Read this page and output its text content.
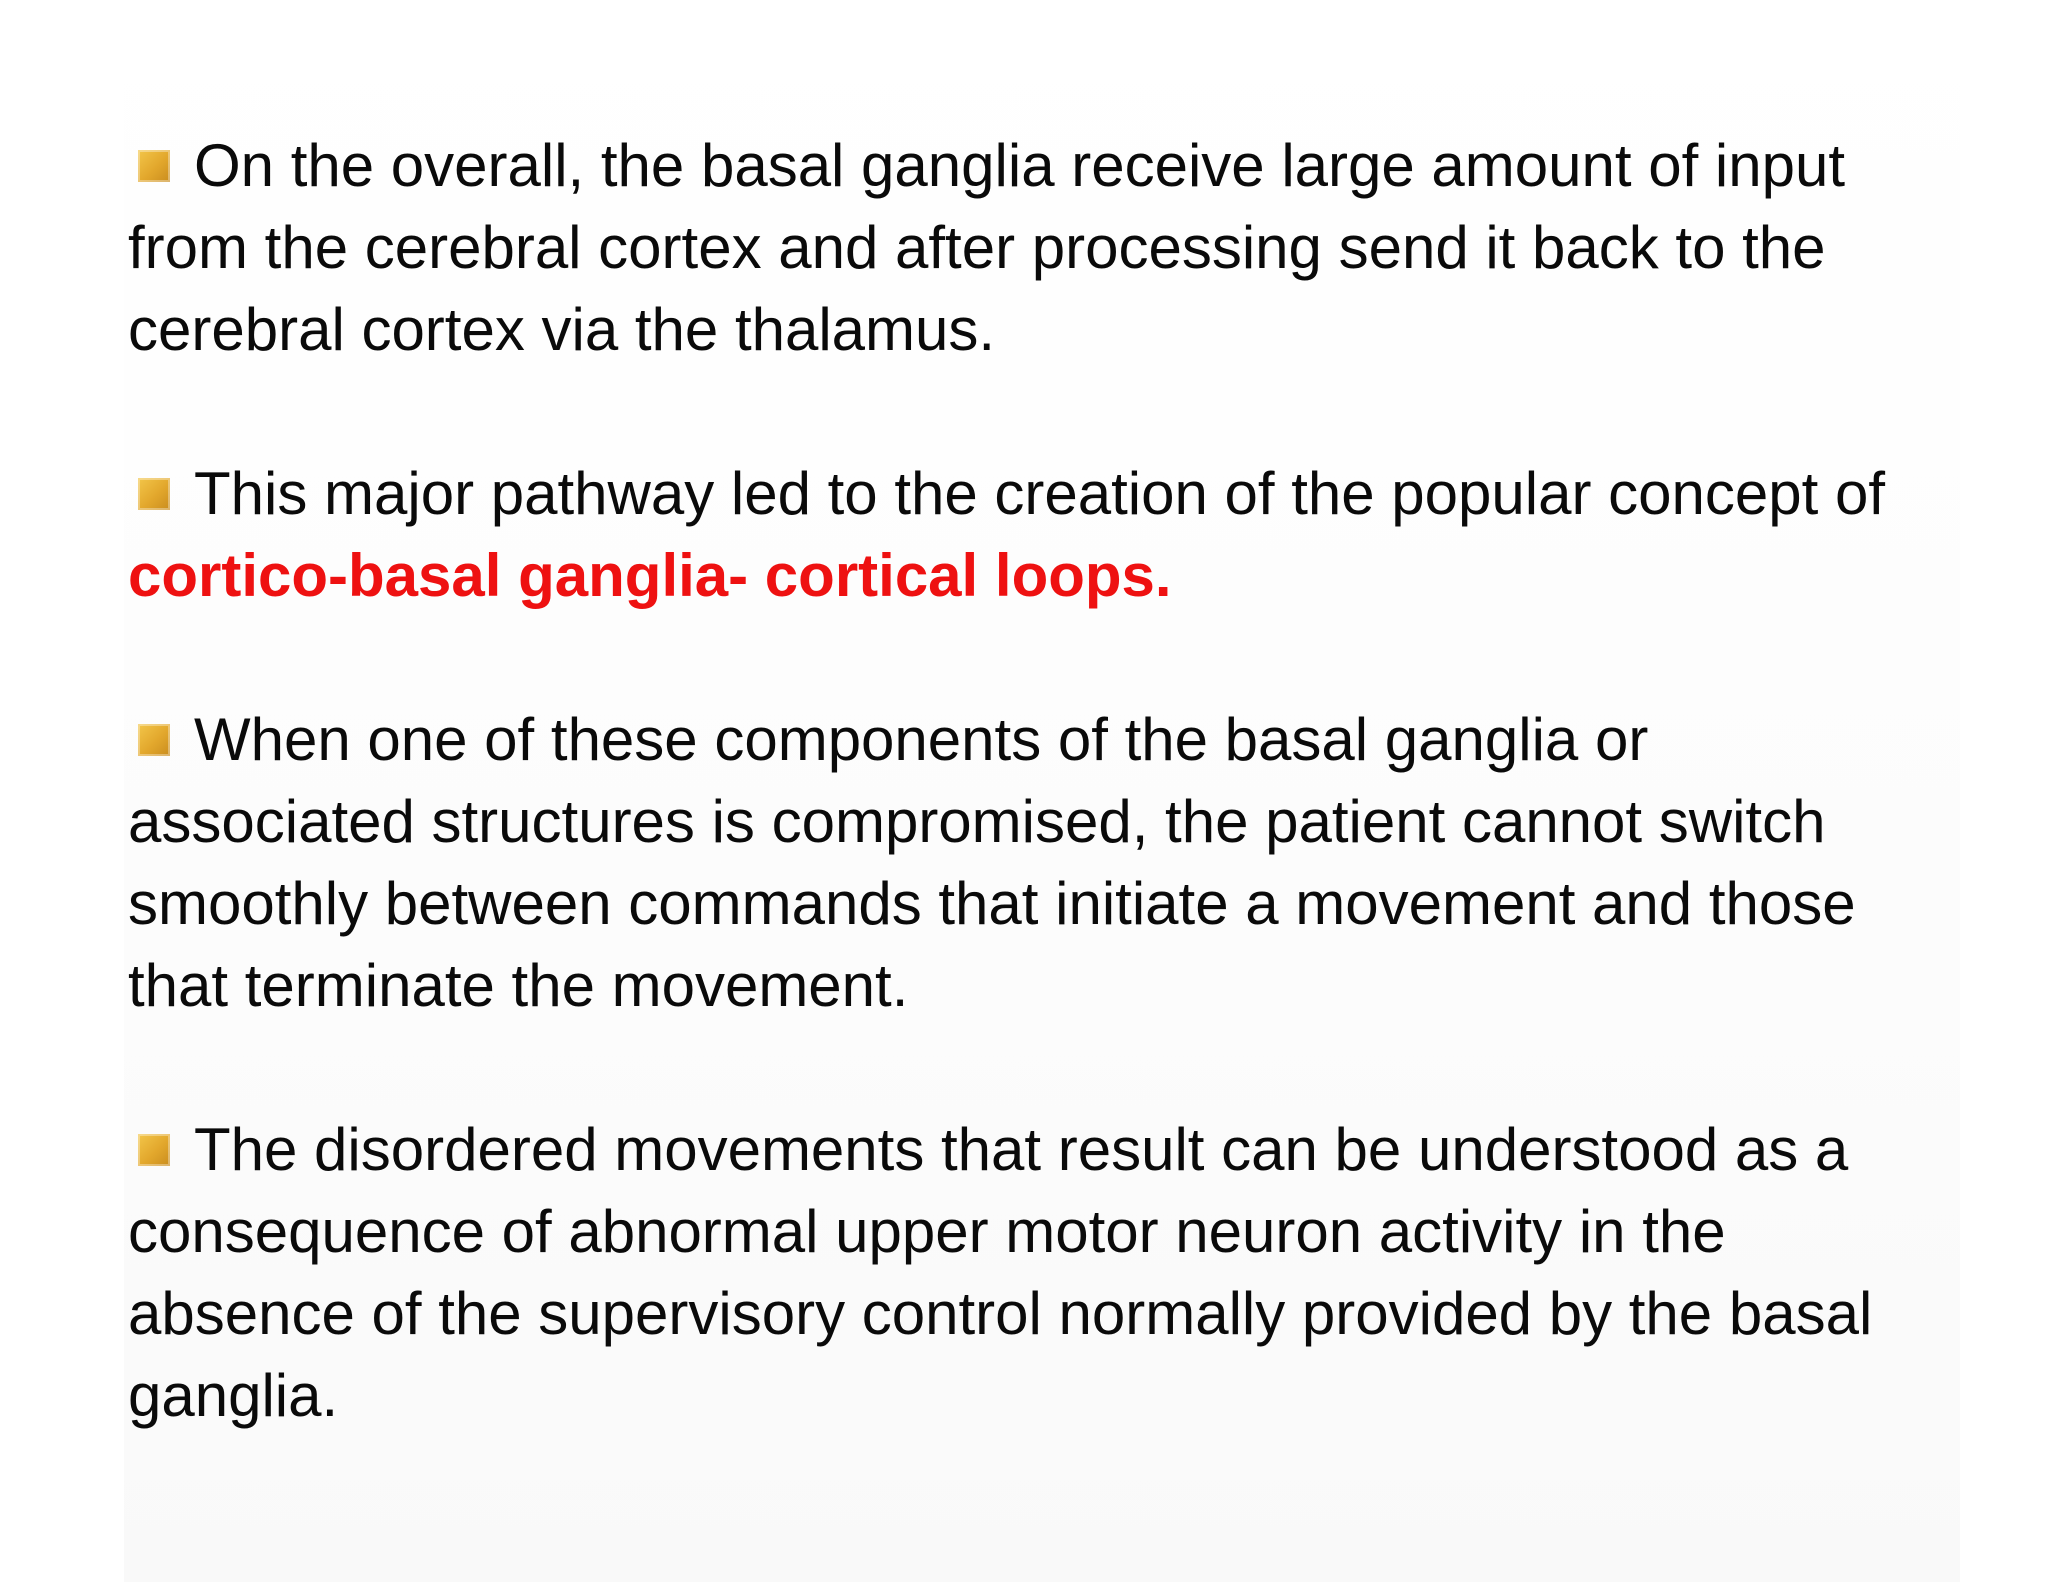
On the overall, the basal ganglia receive large amount of input from the cerebral cortex and after processing send it back to the cerebral cortex via the thalamus.

This major pathway led to the creation of the popular concept of cortico-basal ganglia- cortical loops.

When one of these components of the basal ganglia or associated structures is compromised, the patient cannot switch smoothly between commands that initiate a movement and those that terminate the movement.

The disordered movements that result can be understood as a consequence of abnormal upper motor neuron activity in the absence of the supervisory control normally provided by the basal ganglia.
